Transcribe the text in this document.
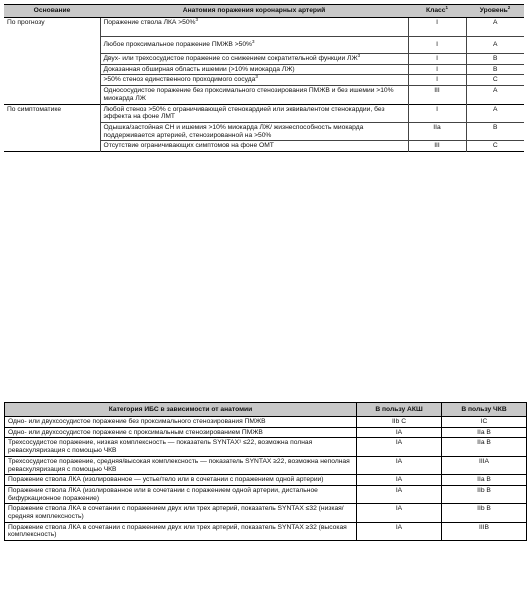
Основание	Анатомия поражения коронарных артерий	Класс$^1$	Уровень$^2$
По прогнозу	Поражение ствола ЛКА >50%$^3$	I	A
	Любое проксимальное поражение ПМЖВ >50%$^3$	I	A
	Двух- или трехсосудистое поражение со снижением сократительной функции $ЛЖ^3$	I	B
	Доказанная обширная область ишемии (>10% миокарда ЛЖ)	I	B
	>50% стеноз единственного проходимого сосуда$^3$	I	C
	Однососудистое поражение без проксимального стенозирования ПМЖВ и без ишемии >10% миокарда ЛЖ	III	A
По симптоматике	Любой стеноз >50% с ограничивающей стенокардией или эквивалентом стенокардии, без эффекта на фоне ЛМТ	I	A
	Одышка/застойная СН и ишемия >10% миокарда ЛЖ/ жизнеспособность миокарда поддерживается артерией, стенозированной на >50%	IIa	B
	Отсутствие ограничивающих симптомов на фоне ОМТ	III	C
Категория ИБС в зависимости от анатомии	В пользу АКШ	В пользу ЧКВ
Одно- или двухсосудистое поражение без проксимального стенозирования ПМЖВ	IIb C	IC
Одно- или двухсосудистое поражение с проксимальным стенозированием ПМЖВ	IA	IIa B
Трехсосудистое поражение, низкая комплексность — показатель SYNTAX¹ ≤22, возможна полная реваскуляризация с помощью ЧКВ	IA	IIa B
Трехсосудистое поражение, средняя/высокая комплексность — показатель SYNTAX ≥22, возможна неполная реваскуляризация с помощью ЧКВ	IA	IIIA
Поражение ствола ЛКА (изолированное — устье/тело или в сочетании с поражением одной артерии)	IA	IIa B
Поражение ствола ЛКА (изолированное или в сочетании с поражением одной артерии, дистальное бифуркационное поражение)	IA	IIb B
Поражение ствола ЛКА в сочетании с поражением двух или трех артерий, показатель SYNTAX ≤32 (низкая/средняя комплексность)	IA	IIb B
Поражение ствола ЛКА в сочетании с поражением двух или трех артерий, показатель SYNTAX ≥32 (высокая комплексность)	IA	IIIB
